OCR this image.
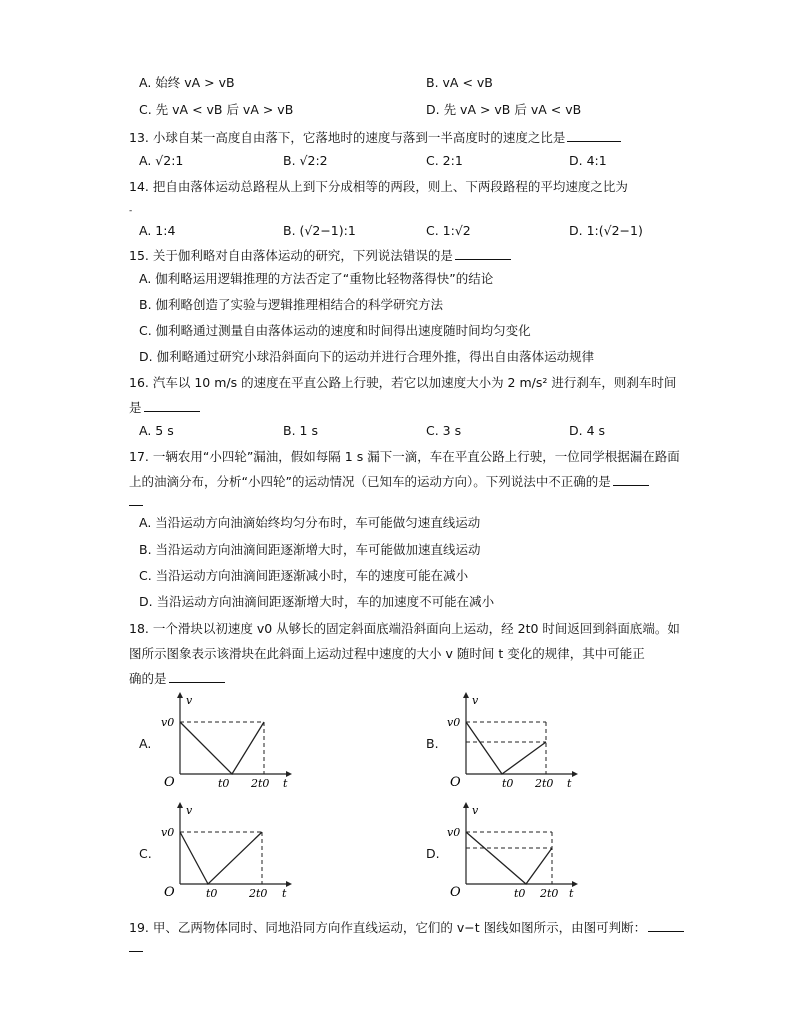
A. 始终 vA > vB	B. vA < vB
C. 先 vA < vB 后 vA > vB	D. 先 vA > vB 后 vA < vB
13. 小球自某一高度自由落下，它落地时的速度与落到一半高度时的速度之比是
A. √2:1	B. √2:2	C. 2:1	D. 4:1
14. 把自由落体运动总路程从上到下分成相等的两段，则上、下两段路程的平均速度之比为
-
A. 1:4	B. (√2−1):1	C. 1:√2	D. 1:(√2−1)
15. 关于伽利略对自由落体运动的研究，下列说法错误的是
A. 伽利略运用逻辑推理的方法否定了“重物比轻物落得快”的结论
B. 伽利略创造了实验与逻辑推理相结合的科学研究方法
C. 伽利略通过测量自由落体运动的速度和时间得出速度随时间均匀变化
D. 伽利略通过研究小球沿斜面向下的运动并进行合理外推，得出自由落体运动规律
16. 汽车以 10 m/s 的速度在平直公路上行驶，若它以加速度大小为 2 m/s² 进行刹车，则刹车时间
是
A. 5 s	B. 1 s	C. 3 s	D. 4 s
17. 一辆农用“小四轮”漏油，假如每隔 1 s 漏下一滴，车在平直公路上行驶，一位同学根据漏在路面
上的油滴分布，分析“小四轮”的运动情况（已知车的运动方向）。下列说法中不正确的是
A. 当沿运动方向油滴始终均匀分布时，车可能做匀速直线运动
B. 当沿运动方向油滴间距逐渐增大时，车可能做加速直线运动
C. 当沿运动方向油滴间距逐渐减小时，车的速度可能在减小
D. 当沿运动方向油滴间距逐渐增大时，车的加速度不可能在减小
18. 一个滑块以初速度 v0 从够长的固定斜面底端沿斜面向上运动，经 2t0 时间返回到斜面底端。如
图所示图象表示该滑块在此斜面上运动过程中速度的大小 v 随时间 t 变化的规律，其中可能正
确的是
A.	B.
C.	D.
v
v0
O	t0 2t0 t
v
v0
O	t0 2t0 t
v
v0
O	t0	2t0 t
v
v0
O	t0 2t0 t
19. 甲、乙两物体同时、同地沿同方向作直线运动，它们的 v−t 图线如图所示，由图可判断：
